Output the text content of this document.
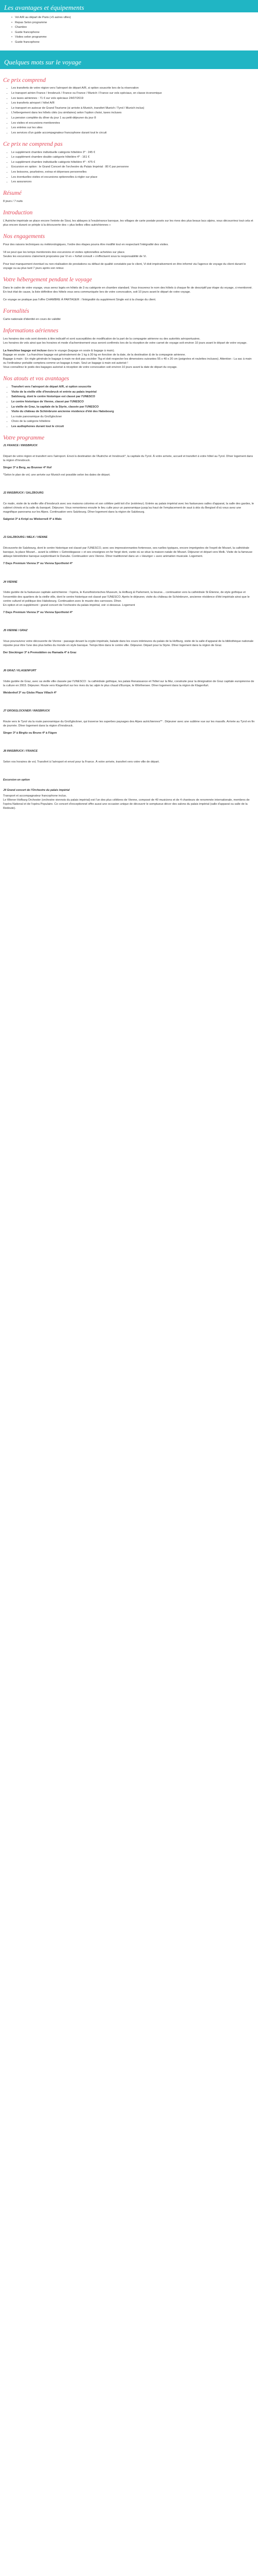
Les avantages et équipements
• Vol A/R au départ de Paris (+5 autres villes)
• Repas Selon programme
• Chambre
• Guide francophone
• Visites selon programme
• Guide francophone
Quelques mots sur le voyage
Ce prix comprend
• Les transferts de votre région vers l'aéroport de départ A/R, si option souscrite lors de la réservation
• Le transport aérien France / Innsbruck / France ou France / Munich / France sur vols spéciaux, en classe économique
• Les taxes aériennes : 71 € sur vols spéciaux 24/07/2019
• Les transferts aéroport / hôtel A/R
• Le transport en autocar de Grand Tourisme (si arrivée à Munich, transfert Munich / Tyrol / Munich inclus)
• L'hébergement dans les hôtels cités (ou similaires) selon l'option choisi, taxes incluses
• La pension complète du dîner du jour 1 au petit-déjeuner du jour 8
• Les visites et excursions mentionnées
• Les entrées sur les sites
• Les services d'un guide accompagnateur francophone durant tout le circuit
Ce prix ne comprend pas
• Le supplément chambre individuelle catégorie hôtelière 3* : 245 €
• Le supplément chambre double catégorie hôtelière 4* : 161 €
• Le supplément chambre individuelle catégorie hôtelière 4* : 475 €
• Excursion en option : le Grand Concert de l'orchestre du Palais Impérial : 80 € par personne
• Les boissons, pourboires, extras et dépenses personnelles
• Les éventuelles visites et excursions optionnelles à régler sur place
• Les assurances
Résumé

8 jours / 7 nuits

Introduction

L'Autriche impériale se place encore l'entrée de Sissi, les abbayes à l'exubérance baroque, les villages de carte postale posés sur les rives des plus beaux lacs alpins, vous découvrirez tout cela et plus encore durant ce périple à la découverte des « plus belles villes autrichiennes »

Nos engagements

Pour des raisons techniques ou météorologiques, l'ordre des étapes pourra être modifié tout en respectant l'intégralité des visites.

Vil se peut que les temps mentionnés des excursions et visites optionnelles achetées sur place.
Seules les excursions clairement proposées par Vi en « forfait consult » s'effectuent sous la responsabilité de Vi.

Pour tout manquement éventuel ou non-réalisation de prestations ou défaut de qualité constatée par le client, Vi doit impérativement en être informé via l'agence de voyage du client durant le voyage ou au plus tard 7 jours après son retour.

Votre hébergement pendant le voyage

Dans le cadre de votre voyage, vous serez logés en hôtels de 3 ou catégorie en chambre standard. Vous trouverez le nom des hôtels à chaque fin de descriptif par étape du voyage, ci-mentionné. En tout état de cause, la liste définitive des hôtels vous sera communiquée lors de votre convocation, soit 10 jours avant le départ de votre voyage.

Ce voyage se pratique pas l'offre CHAMBRE À PARTAGER : l'intégralité du supplément Single est à la charge du client.

Formalités

Carte nationale d'identité en cours de validité

Informations aériennes

Les horaires des vols sont donnés à titre indicatif et sont susceptibles de modification de la part de la compagnie aérienne ou des autorités aéroportuaires.
Les horaires de vols ainsi que les horaires et mode d'acheminement vous seront confirmés lors de la réception de votre carnet de voyage soit environ 10 jours avant le départ de votre voyage.

La franchise bagage est incluse dans le voyage (bagage en soute & bagage à main).
Bagage en soute : La franchise bagage est généralement de 1 kg à 30 kg en fonction de la date, de la destination & de la compagnie aérienne.
Bagage à main : En règle générale le bagage à main ne doit pas excéder 7kg et doit respecter les dimensions suivantes 55 x 40 x 20 cm (poignées et roulettes incluses). Attention : La sac à main ou l'ordinateur portable comptera comme un bagage à main. Seul un bagage à main est autorisé !
Vous connaîtrez le poids des bagages autorisé à réception de votre convocation soit environ 10 jours avant la date de départ du voyage.

Nos atouts et vos avantages
• Transfert vers l'aéroport de départ A/R, si option souscrite
• Visite de la vieille ville d'Innsbruck et entrée au palais impérial
• Salzbourg, dont le centre historique est classé par l'UNESCO
• Le centre historique de Vienne, classé par l'UNESCO
• La vieille de Graz, la capitale de la Styrie, classée par l'UNESCO
• Visite du château de Schönbrunn ancienne résidence d'été des Habsbourg
• La route panoramique du Großglockner
• Choix de la catégorie hôtelière
• Les audiophones durant tout le circuit
Votre programme
J1 FRANCE / INNSBRUCK

Départ de votre région et transfert vers l'aéroport. Envol à destination de l'Autriche et Innsbruck*, la capitale du Tyrol. À votre arrivée, accueil et transfert à votre hôtel au Tyrol. Dîner logement dans la région d'Innsbruck.

Singer 3* à Berg, au Brunner 4* Hof

*Selon le plan de vol, une arrivée sur Munich est possible selon les dates de départ.

J2 INNSBRUCK / SALZBOURG

Ce matin, visite de la vieille ville d'Innsbruck avec ses maisons colorées et son célèbre petit toit d'or (extérieur). Entrée au palais impérial avec les fastueuses salles d'apparat, la salle des gardes, le cabinet chinois et la salle du banquet. Déjeuner. Vous remonterez ensuite le lieu culte pour un panoramique jusqu'au haut de l'emplacement de saut à skis du Bergisel d'où vous avez une magnifique panorama sur les Alpes. Continuation vers Salzbourg. Dîner logement dans la région de Salzbourg.

Salgnist 3* à Kröpl ou Wiebernell 4* à Wals

J3 SALZBOURG / MELK / VIENNE

Découverte de Salzbourg, dont le centre historique est classé par l'UNESCO, avec ses impressionnantes forteresse, ses ruelles typiques, encore imprégnées de l'esprit de Mozart, la cathédrale baroque, la place Mozart... avant la célèbre « Getreidegasse » et ses enseignes en fer forgé dont, vante où se situe la maison natale de Mozart. Déjeuner et départ vers Melk. Visite de la fameuse abbaye bénédictine baroque surplombant le Danube. Continuation vers Vienne. Dîner traditionnel dans un « Heuriger » avec animation musicale. Logement.

7 Days Premium Vienna 3* ou Vienna Sporthotel 4*

J4 VIENNE

Visite guidée de la fastueuse capitale autrichienne : l'opéra, le Kunsthistorisches Museum, la Hofburg & Parlement, la bourse... continuation vers la cathédrale St Étienne, de style gothique et l'ensemble des quartiers de la vieille ville, dont le centre historique est classé par l'UNESCO. Après le déjeuner, visite du château de Schönbrunn, ancienne résidence d'été impériale ainsi que le centre culturel et politique des Habsbourg. Continuation avec le musée des carrosses. Dîner.
En option et en supplément : grand concert de l'orchestre du palais impérial, voir ci-dessous. Logement

7 Days Premium Vienna 3* ou Vienna Sporthotel 4*

J5 VIENNE / GRAZ

Vous poursuivrez votre découverte de Vienne : passage devant la crypte impériale, balade dans les cours intérieures du palais de la Hofburg, visite de la salle d'apparat de la bibliothèque nationale réputée pour être l'une des plus belles du monde en style baroque. Temps libre dans le centre ville. Déjeuner. Départ pour la Styrie. Dîner logement dans la région de Graz.

Der Steckinger 3* à Premstätten ou Ramada 4* à Graz

J6 GRAZ / KLAGENFURT

Visite guidée de Graz, avec sa vieille ville classée par l'UNESCO : la cathédrale gothique, les palais Renaissance et l'hôtel sur la Mur, construite pour la désignation de Graz capitale européenne de la culture en 2003. Déjeuner. Route vers Klagenfurt sur les rives du lac alpin le plus chaud d'Europe, le Wörthersee. Dîner logement dans la région de Klagenfurt.

Weidenhof 3* ou Globo Plaza Villach 4*

J7 GROßGLOCKNER / INNSBRUCK

Route vers le Tyrol via la route panoramique du Großglockner, qui traverse les superbes paysages des Alpes autrichiennes** . Déjeuner avec une sublime vue sur les massifs. Arrivée au Tyrol en fin de journée. Dîner logement dans la région d'Innsbruck.

Singer 3* à Birgitz ou Bruno 4* à Fügen

J8 INNSBRUCK / FRANCE

Selon vos horaires de vol, Transfert à l'aéroport et envol pour la France. À votre arrivée, transfert vers votre ville de départ.

Excursion en option
J4 Grand concert de l'Orchestre du palais impérial

Transport et accompagnateur francophone inclus.
Le Wiener Hofburg Orchester (orchestre viennois du palais impérial) est l'un des plus célèbres de Vienne, composé de 40 musiciens et de 4 chanteurs de renommée internationale, membres de l'opéra National et de l'opéra Populaire. Ce concert d'exceptionnel offre aussi une occasion unique de découvrir le somptueux décor des salons du palais impérial (salle d'apparat ou salle de la Redoute).
